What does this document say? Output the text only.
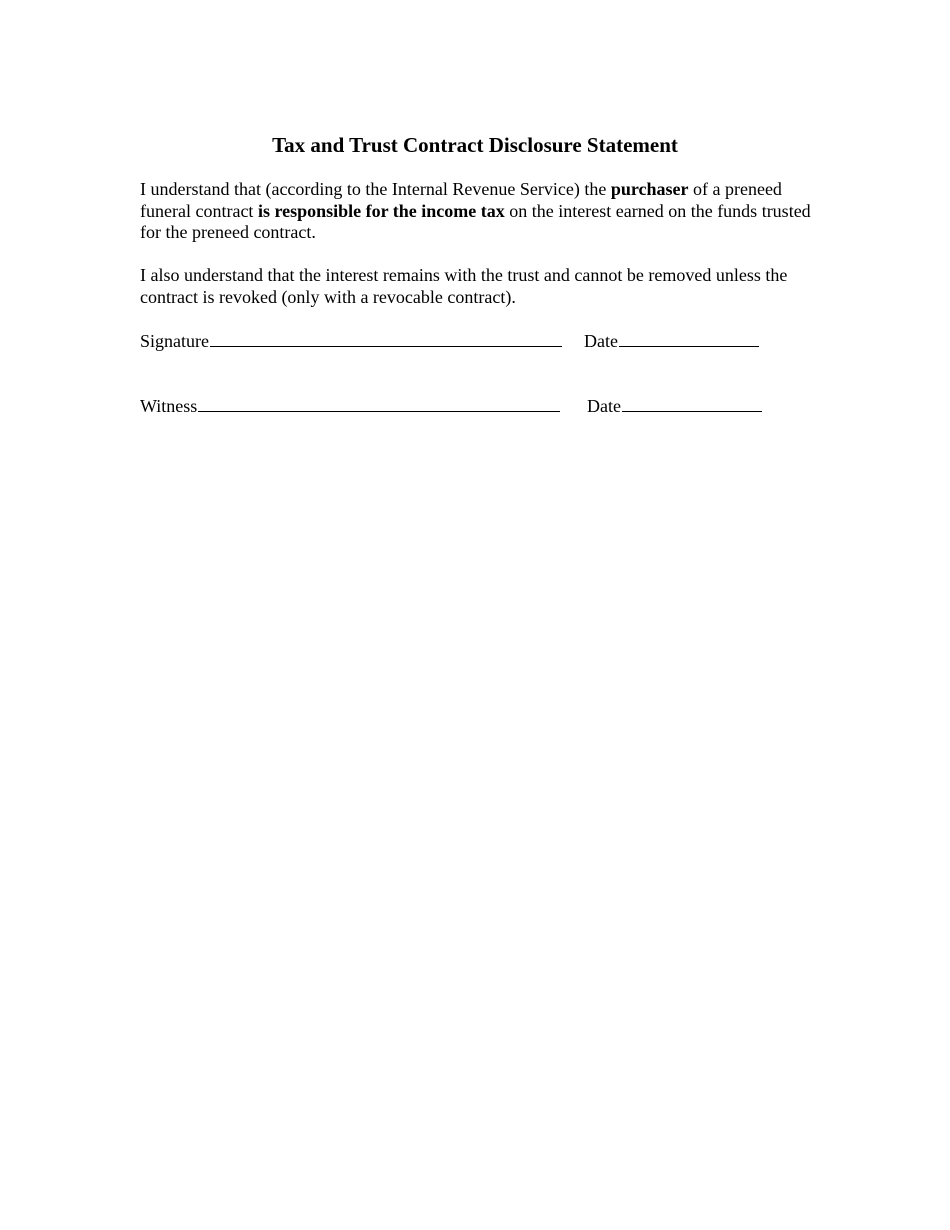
Tax and Trust Contract Disclosure Statement

I understand that (according to the Internal Revenue Service) the purchaser of a preneed funeral contract is responsible for the income tax on the interest earned on the funds trusted for the preneed contract.

I also understand that the interest remains with the trust and cannot be removed unless the contract is revoked (only with a revocable contract).

Signature	Date
Witness	Date
